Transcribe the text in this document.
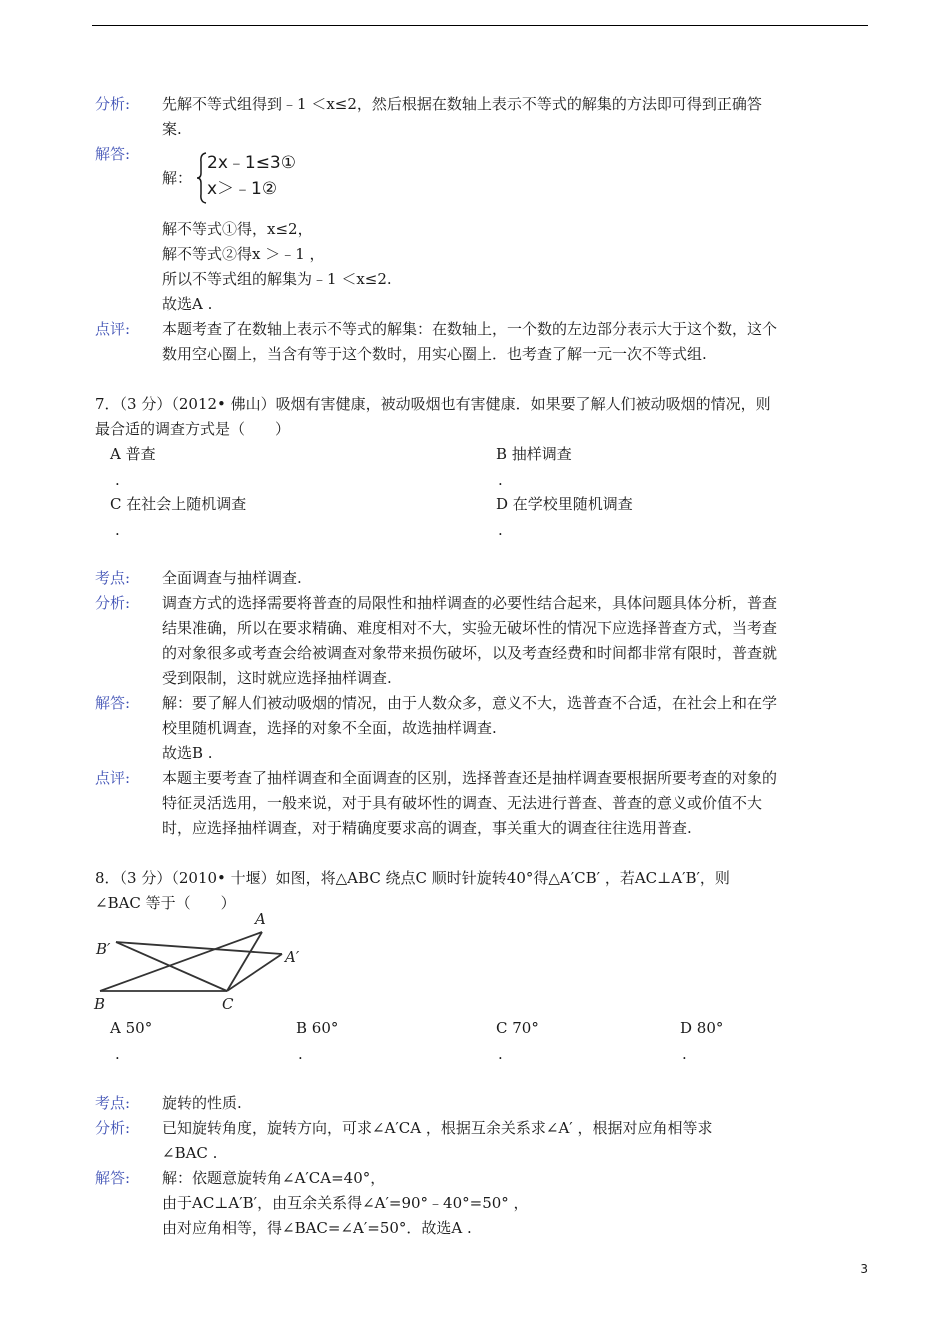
分析: 先解不等式组得到﹣1 ＜x≤2，然后根据在数轴上表示不等式的解集的方法即可得到正确答
案.
解答:
解：
2x﹣1≤3①
x＞﹣1②
解不等式①得，x≤2，
解不等式②得x ＞﹣1 ，
所以不等式组的解集为﹣1 ＜x≤2.
故选A .
点评: 本题考查了在数轴上表示不等式的解集：在数轴上，一个数的左边部分表示大于这个数，这个
数用空心圈上，当含有等于这个数时，用实心圈上．也考查了解一元一次不等式组.
7．（3 分）（2012• 佛山）吸烟有害健康，被动吸烟也有害健康．如果要了解人们被动吸烟的情况，则
最合适的调查方式是（　　）
A 普查
.
B 抽样调查
.
C 在社会上随机调查
.
D 在学校里随机调查
.
考点: 全面调查与抽样调查.
分析: 调查方式的选择需要将普查的局限性和抽样调查的必要性结合起来，具体问题具体分析，普查
结果准确，所以在要求精确、难度相对不大，实验无破坏性的情况下应选择普查方式，当考查
的对象很多或考查会给被调查对象带来损伤破坏，以及考查经费和时间都非常有限时，普查就
受到限制，这时就应选择抽样调查.
解答: 解：要了解人们被动吸烟的情况，由于人数众多，意义不大，选普查不合适，在社会上和在学
校里随机调查，选择的对象不全面，故选抽样调查.
故选B .
点评: 本题主要考查了抽样调查和全面调查的区别，选择普查还是抽样调查要根据所要考查的对象的
特征灵活选用，一般来说，对于具有破坏性的调查、无法进行普查、普查的意义或价值不大
时，应选择抽样调查，对于精确度要求高的调查，事关重大的调查往往选用普查.
8．（3 分）（2010• 十堰）如图，将△ABC 绕点C 顺时针旋转40°得△A′CB′ ，若AC⊥A′B′，则
∠BAC 等于（　　）
B′
A
A′
B	C
A 50°
.
B 60°
.
C 70°
.
D 80°
.
考点: 旋转的性质.
分析: 已知旋转角度，旋转方向，可求∠A′CA ，根据互余关系求∠A′ ，根据对应角相等求
∠BAC .
解答: 解：依题意旋转角∠A′CA=40°，
由于AC⊥A′B′，由互余关系得∠A′=90°﹣40°=50° ，
由对应角相等，得∠BAC=∠A′=50°．故选A .
3
